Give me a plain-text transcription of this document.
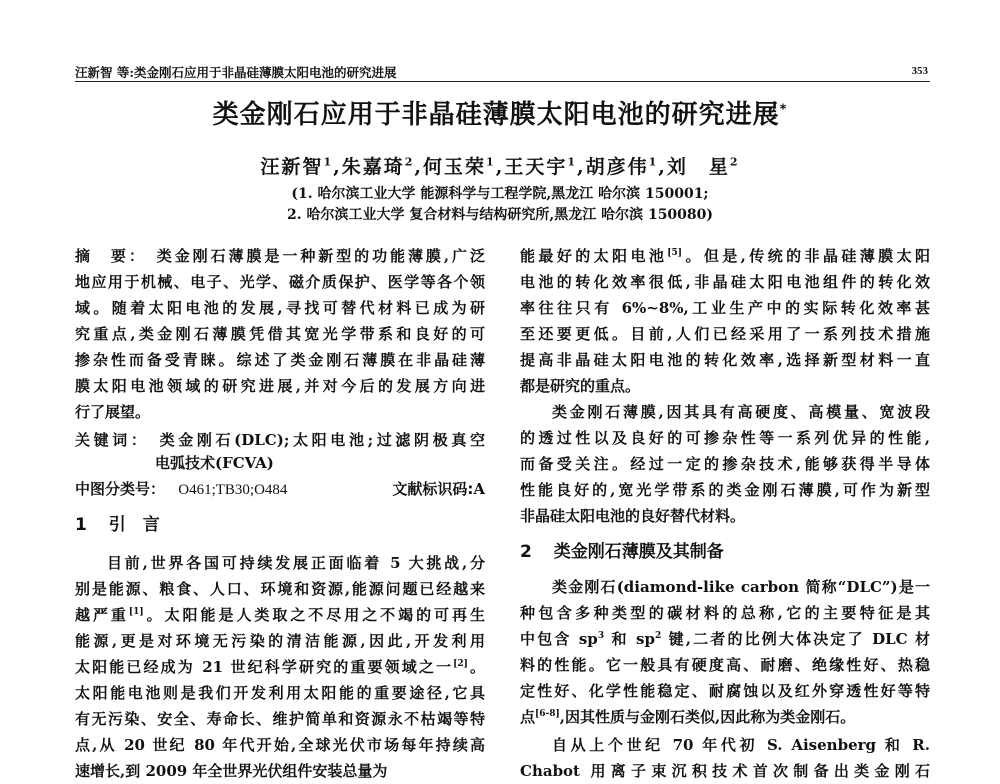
汪新智 等:类金刚石应用于非晶硅薄膜太阳电池的研究进展	353
类金刚石应用于非晶硅薄膜太阳电池的研究进展*
汪新智$^1$,朱嘉琦$^2$,何玉荣$^1$,王天宇$^1$,胡彦伟$^1$,刘　星$^2$
(1. 哈尔滨工业大学 能源科学与工程学院,黑龙江 哈尔滨 150001;
2. 哈尔滨工业大学 复合材料与结构研究所,黑龙江 哈尔滨 150080)
摘　要： 类金刚石薄膜是一种新型的功能薄膜,广泛
地应用于机械、电子、光学、磁介质保护、医学等各个领
域。随着太阳电池的发展,寻找可替代材料已成为研
究重点,类金刚石薄膜凭借其宽光学带系和良好的可
掺杂性而备受青睐。综述了类金刚石薄膜在非晶硅薄
膜太阳电池领域的研究进展,并对今后的发展方向进
行了展望。
关键词： 类金刚石(DLC);太阳电池;过滤阴极真空
电弧技术(FCVA)
中图分类号： O461;TB30;O484	文献标识码:A
1 引　言
目前,世界各国可持续发展正面临着 5 大挑战,分
别是能源、粮食、人口、环境和资源,能源问题已经越来
越严重[1]。太阳能是人类取之不尽用之不竭的可再生
能源,更是对环境无污染的清洁能源,因此,开发利用
太阳能已经成为 21 世纪科学研究的重要领域之一[2]。
太阳能电池则是我们开发利用太阳能的重要途径,它具
有无污染、安全、寿命长、维护简单和资源永不枯竭等特
点,从 20 世纪 80 年代开始,全球光伏市场每年持续高
速增长,到 2009 年全世界光伏组件安装总量为
能最好的太阳电池[5]。但是,传统的非晶硅薄膜太阳
电池的转化效率很低,非晶硅太阳电池组件的转化效
率往往只有 6%~8%,工业生产中的实际转化效率甚
至还要更低。目前,人们已经采用了一系列技术措施
提高非晶硅太阳电池的转化效率,选择新型材料一直
都是研究的重点。
类金刚石薄膜,因其具有高硬度、高模量、宽波段
的透过性以及良好的可掺杂性等一系列优异的性能,
而备受关注。经过一定的掺杂技术,能够获得半导体
性能良好的,宽光学带系的类金刚石薄膜,可作为新型
非晶硅太阳电池的良好替代材料。
2 类金刚石薄膜及其制备
类金刚石(diamond-like carbon 简称“DLC”)是一
种包含多种类型的碳材料的总称,它的主要特征是其
中包含 $sp^3$ 和 $sp^2$ 键,二者的比例大体决定了 DLC 材
料的性能。它一般具有硬度高、耐磨、绝缘性好、热稳
定性好、化学性能稳定、耐腐蚀以及红外穿透性好等特
点[6-8],因其性质与金刚石类似,因此称为类金刚石。
自从上个世纪 70 年代初 S. Aisenberg 和 R.
Chabot 用离子束沉积技术首次制备出类金刚石
